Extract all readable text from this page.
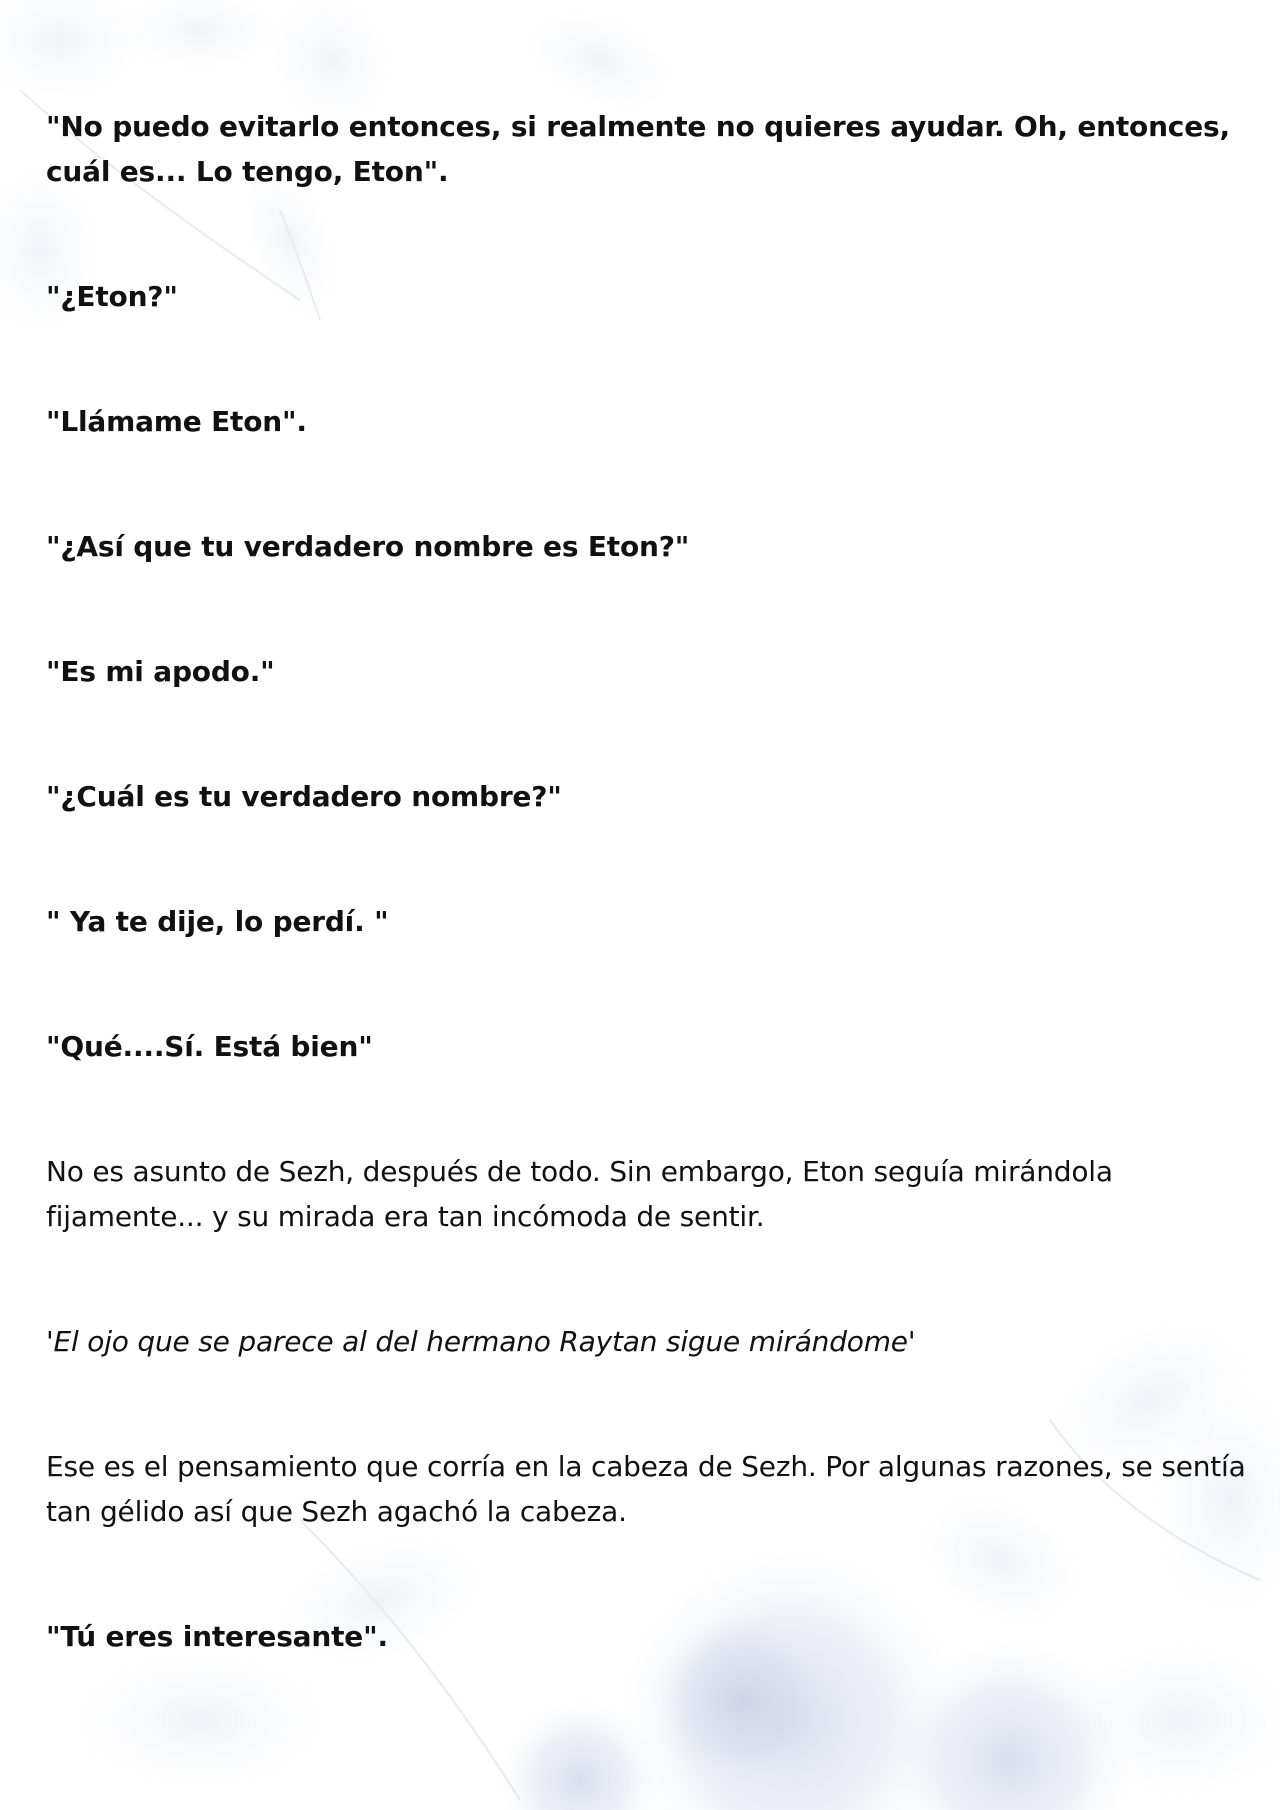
"No puedo evitarlo entonces, si realmente no quieres ayudar. Oh, entonces, cuál es... Lo tengo, Eton".

"¿Eton?"

"Llámame Eton".

"¿Así que tu verdadero nombre es Eton?"

"Es mi apodo."

"¿Cuál es tu verdadero nombre?"

" Ya te dije, lo perdí. "

"Qué....Sí. Está bien"

No es asunto de Sezh, después de todo. Sin embargo, Eton seguía mirándola fijamente... y su mirada era tan incómoda de sentir.

'El ojo que se parece al del hermano Raytan sigue mirándome'

Ese es el pensamiento que corría en la cabeza de Sezh. Por algunas razones, se sentía tan gélido así que Sezh agachó la cabeza.

"Tú eres interesante".
